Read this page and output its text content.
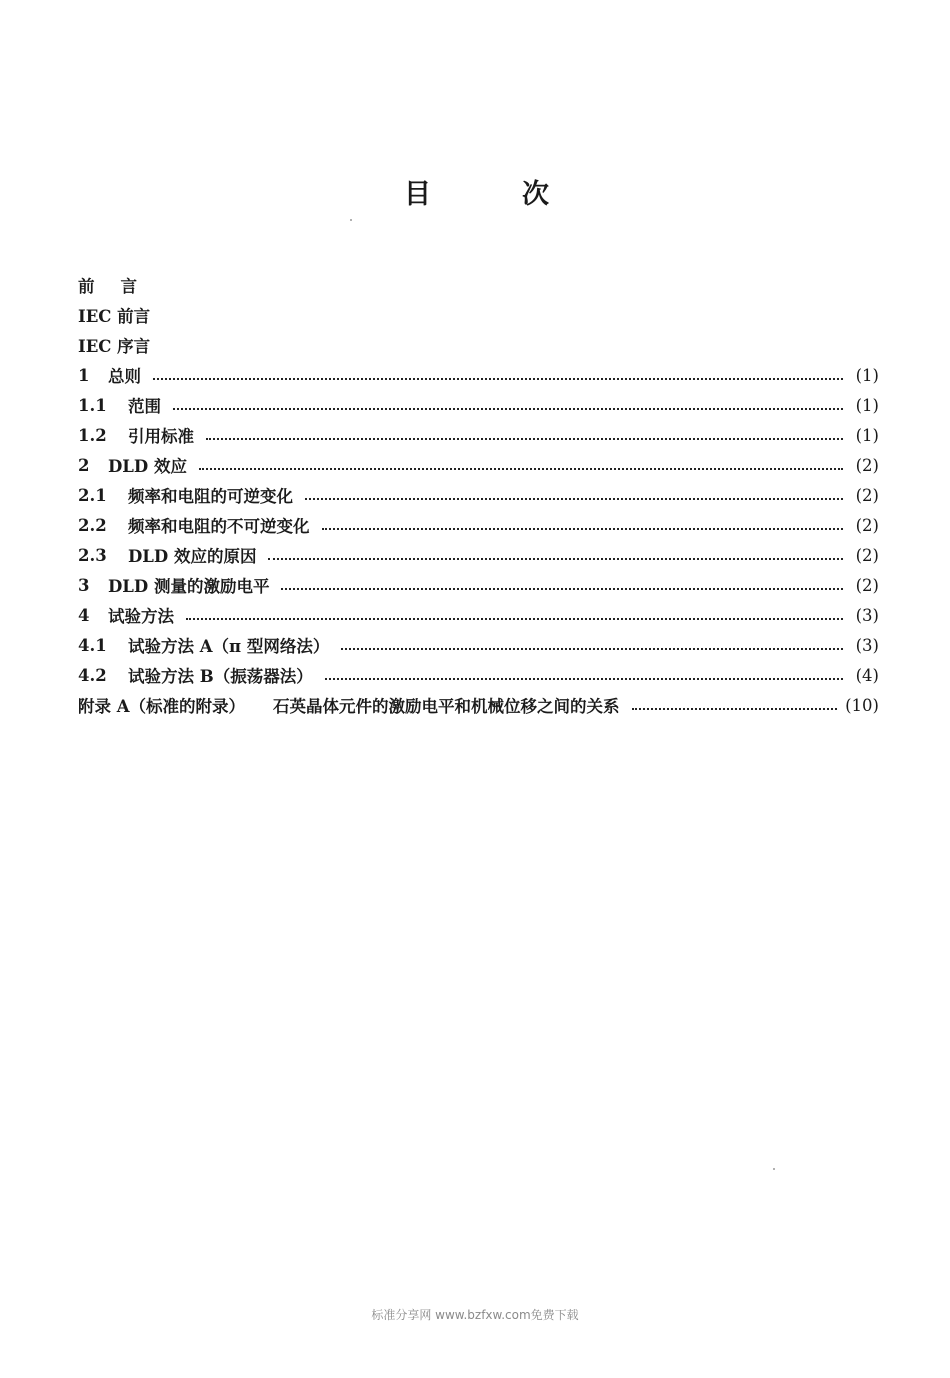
目	次
前言
IEC 前言
IEC 序言
1	总则	(1)
1.1	范围	(1)
1.2	引用标准	(1)
2	DLD 效应	(2)
2.1	频率和电阻的可逆变化	(2)
2.2	频率和电阻的不可逆变化	(2)
2.3	DLD 效应的原因	(2)
3	DLD 测量的激励电平	(2)
4	试验方法	(3)
4.1	试验方法 A（π 型网络法）	(3)
4.2	试验方法 B（振荡器法）	(4)
附录 A（标准的附录） 石英晶体元件的激励电平和机械位移之间的关系	(10)
标准分享网 www.bzfxw.com免费下载
